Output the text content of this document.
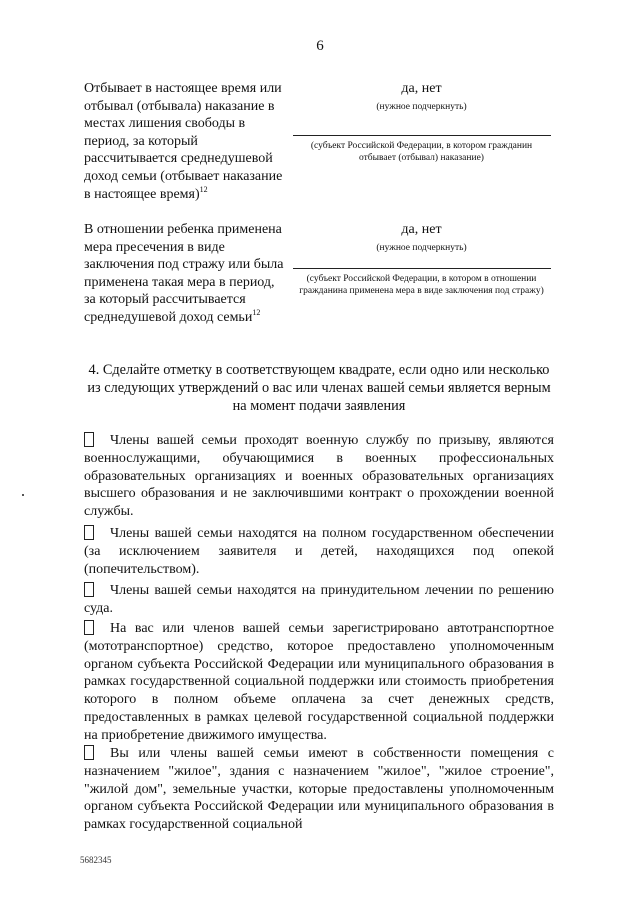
6
Отбывает в настоящее время или отбывал (отбывала) наказание в местах лишения свободы в период, за который рассчитывается среднедушевой доход семьи (отбывает наказание в настоящее время)$^{12}$
да, нет
(нужное подчеркнуть)
(субъект Российской Федерации, в котором гражданин отбывает (отбывал) наказание)
В отношении ребенка применена мера пресечения в виде заключения под стражу или была применена такая мера в период, за который рассчитывается среднедушевой доход семьи$^{12}$
да, нет
(нужное подчеркнуть)
(субъект Российской Федерации, в котором в отношении гражданина применена мера в виде заключения под стражу)
4. Сделайте отметку в соответствующем квадрате, если одно или несколько из следующих утверждений о вас или членах вашей семьи является верным на момент подачи заявления
Члены вашей семьи проходят военную службу по призыву, являются военнослужащими, обучающимися в военных профессиональных образовательных организациях и военных образовательных организациях высшего образования и не заключившими контракт о прохождении военной службы.
Члены вашей семьи находятся на полном государственном обеспечении (за исключением заявителя и детей, находящихся под опекой (попечительством).
Члены вашей семьи находятся на принудительном лечении по решению суда.
На вас или членов вашей семьи зарегистрировано автотранспортное (мототранспортное) средство, которое предоставлено уполномоченным органом субъекта Российской Федерации или муниципального образования в рамках государственной социальной поддержки или стоимость приобретения которого в полном объеме оплачена за счет денежных средств, предоставленных в рамках целевой государственной социальной поддержки на приобретение движимого имущества.
Вы или члены вашей семьи имеют в собственности помещения с назначением "жилое", здания с назначением "жилое", "жилое строение", "жилой дом", земельные участки, которые предоставлены уполномоченным органом субъекта Российской Федерации или муниципального образования в рамках государственной социальной
5682345
